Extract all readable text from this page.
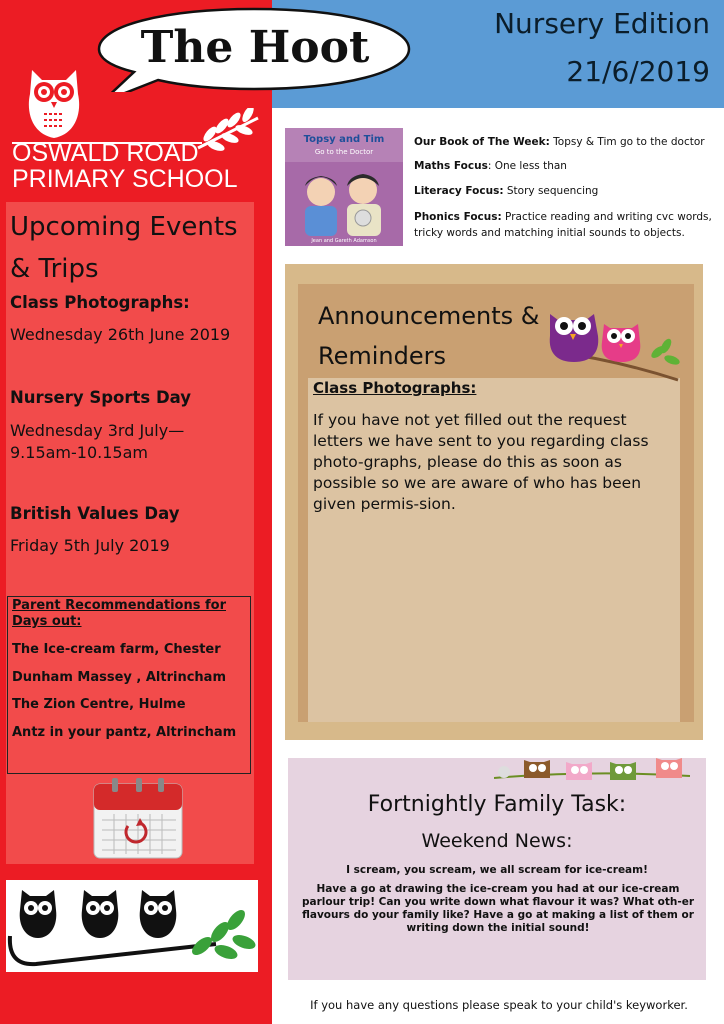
The Hoot	Nursery Edition
21/6/2019
OSWALD ROAD
PRIMARY SCHOOL
Upcoming Events & Trips
Class Photographs:
Wednesday 26th June 2019
Nursery Sports Day
Wednesday 3rd July—9.15am-10.15am
British Values Day
Friday 5th July 2019
Parent Recommendations for Days out:
The Ice-cream farm, Chester
Dunham Massey , Altrincham
The Zion Centre, Hulme
Antz in your pantz, Altrincham
Topsy and Tim
Go to the Doctor
Jean and Gareth Adamson
Our Book of The Week: Topsy & Tim go to the doctor
Maths Focus: One less than
Literacy Focus: Story sequencing
Phonics Focus: Practice reading and writing cvc words, tricky words and matching initial sounds to objects.
Announcements & Reminders
Class Photographs:
If you have not yet filled out the request letters we have sent to you regarding class photo-graphs, please do this as soon as possible so we are aware of who has been given permis-sion.
Fortnightly Family Task:
Weekend News:
I scream, you scream, we all scream for ice-cream!
Have a go at drawing the ice-cream you had at our ice-cream parlour trip! Can you write down what flavour it was? What oth-er flavours do your family like? Have a go at making a list of them or writing down the initial sound!
If you have any questions please speak to your child's keyworker.
